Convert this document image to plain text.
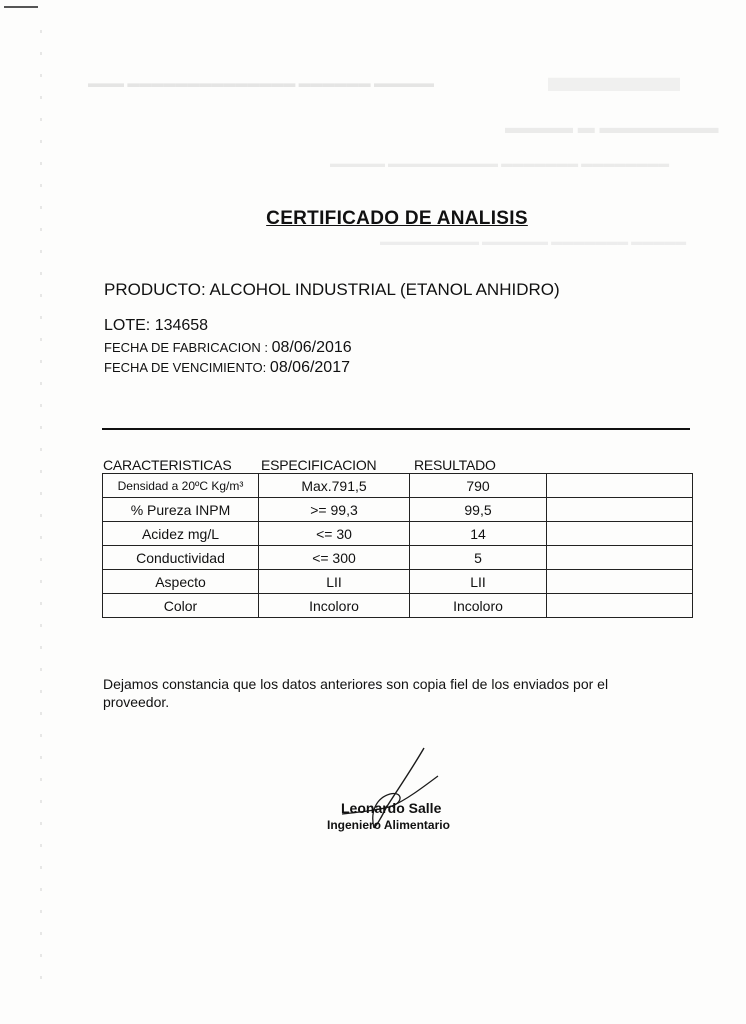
▬▬▬▬▬ ▬▬▬▬▬▬ ▬▬▬▬▬▬▬▬▬▬▬▬▬▬ ▬▬▬	▬▬▬
▬▬▬▬▬▬▬ ▬ ▬▬▬▬
▬▬▬▬▬▬▬▬ ▬▬▬▬▬▬▬ ▬▬▬▬▬▬▬▬▬▬ ▬▬▬▬▬
▬▬▬▬▬ ▬▬▬▬▬▬▬ ▬▬▬▬▬▬ ▬▬▬▬▬▬▬▬▬
CERTIFICADO DE ANALISIS
PRODUCTO: ALCOHOL INDUSTRIAL (ETANOL ANHIDRO)
LOTE: 134658
FECHA DE FABRICACION : 08/06/2016
FECHA DE VENCIMIENTO: 08/06/2017
CARACTERISTICAS ESPECIFICACION	RESULTADO
Densidad a 20ºC Kg/m³	Max.791,5	790	
% Pureza INPM	>= 99,3	99,5	
Acidez mg/L	<= 30	14	
Conductividad	<= 300	5	
Aspecto	LII	LII	
Color	Incoloro	Incoloro	
Dejamos constancia que los datos anteriores son copia fiel de los enviados por el proveedor.
Leonardo Salle
Ingeniero Alimentario
